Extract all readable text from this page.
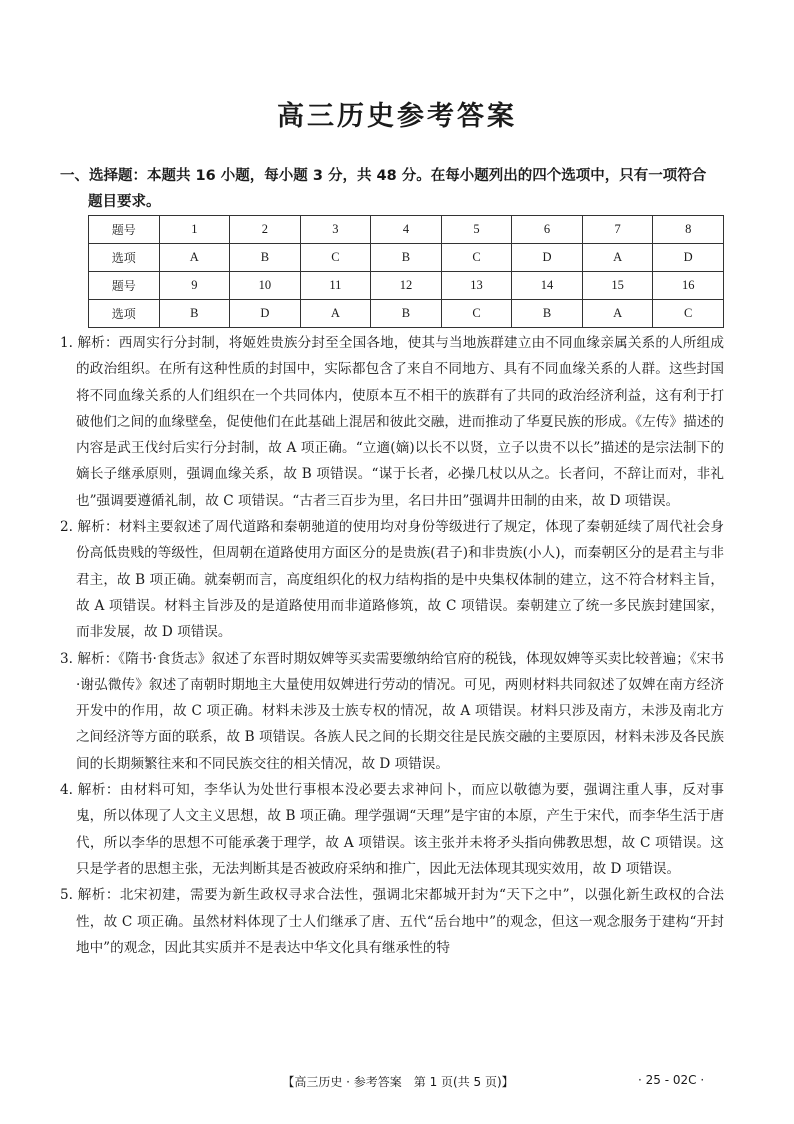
高三历史参考答案
一、选择题：本题共 16 小题，每小题 3 分，共 48 分。在每小题列出的四个选项中，只有一项符合
题目要求。
题号	1	2	3	4	5	6	7	8
选项	A	B	C	B	C	D	A	D
题号	9	10	11	12	13	14	15	16
选项	B	D	A	B	C	B	A	C

1. 解析：西周实行分封制，将姬姓贵族分封至全国各地，使其与当地族群建立由不同血缘亲属关系的人所组成的政治组织。在所有这种性质的封国中，实际都包含了来自不同地方、具有不同血缘关系的人群。这些封国将不同血缘关系的人们组织在一个共同体内，使原本互不相干的族群有了共同的政治经济利益，这有利于打破他们之间的血缘壁垒，促使他们在此基础上混居和彼此交融，进而推动了华夏民族的形成。《左传》描述的内容是武王伐纣后实行分封制，故 A 项正确。“立適(嫡)以长不以贤，立子以贵不以长”描述的是宗法制下的嫡长子继承原则，强调血缘关系，故 B 项错误。“谋于长者，必操几杖以从之。长者问，不辞让而对，非礼也”强调要遵循礼制，故 C 项错误。“古者三百步为里，名曰井田”强调井田制的由来，故 D 项错误。

2. 解析：材料主要叙述了周代道路和秦朝驰道的使用均对身份等级进行了规定，体现了秦朝延续了周代社会身份高低贵贱的等级性，但周朝在道路使用方面区分的是贵族(君子)和非贵族(小人)，而秦朝区分的是君主与非君主，故 B 项正确。就秦朝而言，高度组织化的权力结构指的是中央集权体制的建立，这不符合材料主旨，故 A 项错误。材料主旨涉及的是道路使用而非道路修筑，故 C 项错误。秦朝建立了统一多民族封建国家，而非发展，故 D 项错误。

3. 解析：《隋书·食货志》叙述了东晋时期奴婢等买卖需要缴纳给官府的税钱，体现奴婢等买卖比较普遍；《宋书·谢弘微传》叙述了南朝时期地主大量使用奴婢进行劳动的情况。可见，两则材料共同叙述了奴婢在南方经济开发中的作用，故 C 项正确。材料未涉及士族专权的情况，故 A 项错误。材料只涉及南方，未涉及南北方之间经济等方面的联系，故 B 项错误。各族人民之间的长期交往是民族交融的主要原因，材料未涉及各民族间的长期频繁往来和不同民族交往的相关情况，故 D 项错误。

4. 解析：由材料可知，李华认为处世行事根本没必要去求神问卜，而应以敬德为要，强调注重人事，反对事鬼，所以体现了人文主义思想，故 B 项正确。理学强调“天理”是宇宙的本原，产生于宋代，而李华生活于唐代，所以李华的思想不可能承袭于理学，故 A 项错误。该主张并未将矛头指向佛教思想，故 C 项错误。这只是学者的思想主张，无法判断其是否被政府采纳和推广，因此无法体现其现实效用，故 D 项错误。

5. 解析：北宋初建，需要为新生政权寻求合法性，强调北宋都城开封为“天下之中”，以强化新生政权的合法性，故 C 项正确。虽然材料体现了士人们继承了唐、五代“岳台地中”的观念，但这一观念服务于建构“开封地中”的观念，因此其实质并不是表达中华文化具有继承性的特

【高三历史 · 参考答案　第 1 页(共 5 页)】	· 25 - 02C ·
